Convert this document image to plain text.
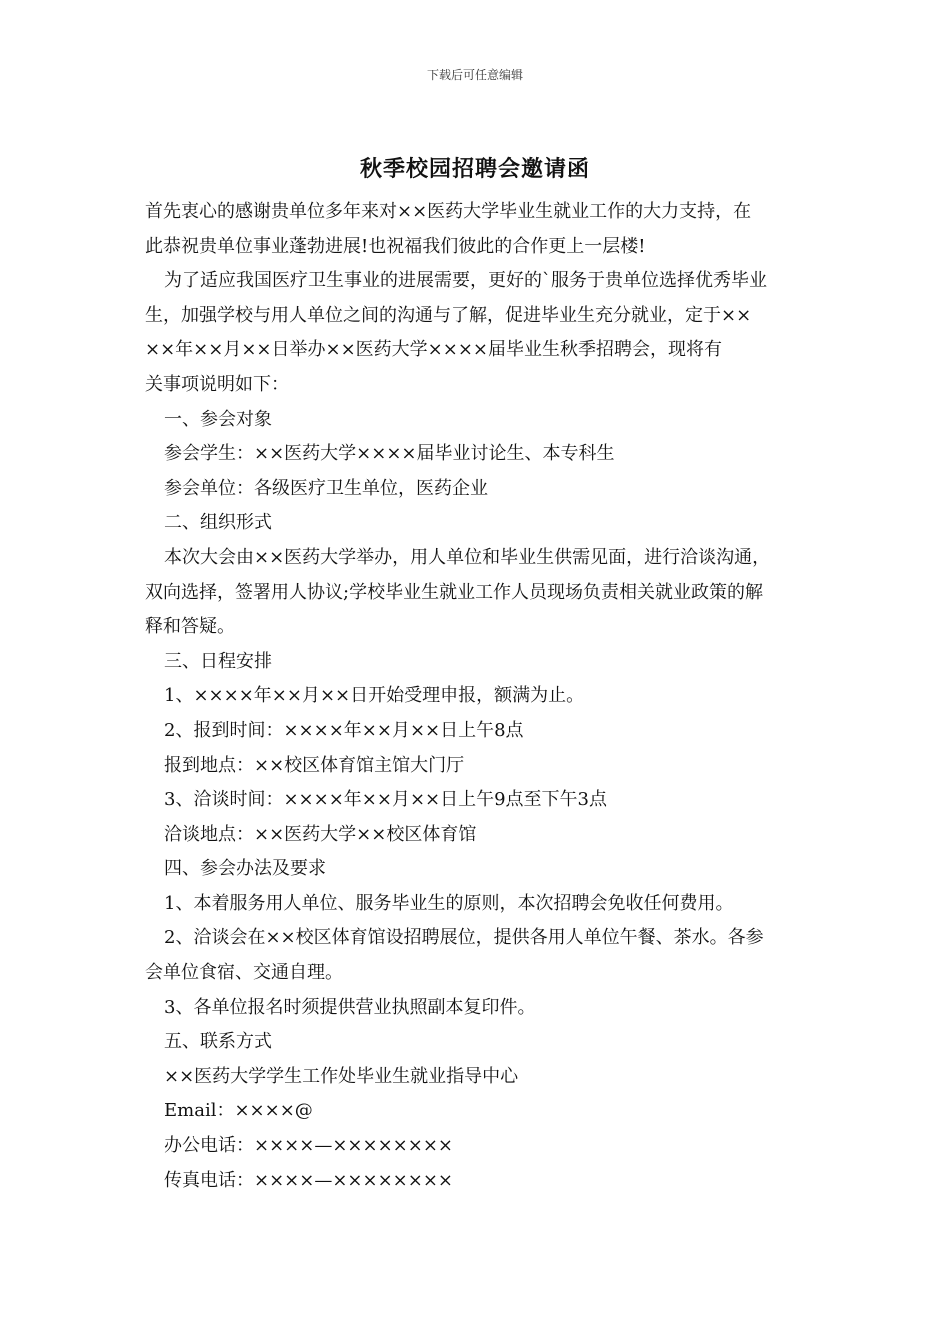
下载后可任意编辑
秋季校园招聘会邀请函
首先衷心的感谢贵单位多年来对××医药大学毕业生就业工作的大力支持，在
此恭祝贵单位事业蓬勃进展!也祝福我们彼此的合作更上一层楼!
为了适应我国医疗卫生事业的进展需要，更好的`服务于贵单位选择优秀毕业
生，加强学校与用人单位之间的沟通与了解，促进毕业生充分就业，定于××
××年××月××日举办××医药大学××××届毕业生秋季招聘会，现将有
关事项说明如下：
一、参会对象
参会学生：××医药大学××××届毕业讨论生、本专科生
参会单位：各级医疗卫生单位，医药企业
二、组织形式
本次大会由××医药大学举办，用人单位和毕业生供需见面，进行洽谈沟通，
双向选择，签署用人协议;学校毕业生就业工作人员现场负责相关就业政策的解
释和答疑。
三、日程安排
1、××××年××月××日开始受理申报，额满为止。
2、报到时间：××××年××月××日上午8点
报到地点：××校区体育馆主馆大门厅
3、洽谈时间：××××年××月××日上午9点至下午3点
洽谈地点：××医药大学××校区体育馆
四、参会办法及要求
1、本着服务用人单位、服务毕业生的原则，本次招聘会免收任何费用。
2、洽谈会在××校区体育馆设招聘展位，提供各用人单位午餐、茶水。各参
会单位食宿、交通自理。
3、各单位报名时须提供营业执照副本复印件。
五、联系方式
××医药大学学生工作处毕业生就业指导中心
Email：××××@
办公电话：××××—××××××××
传真电话：××××—××××××××
